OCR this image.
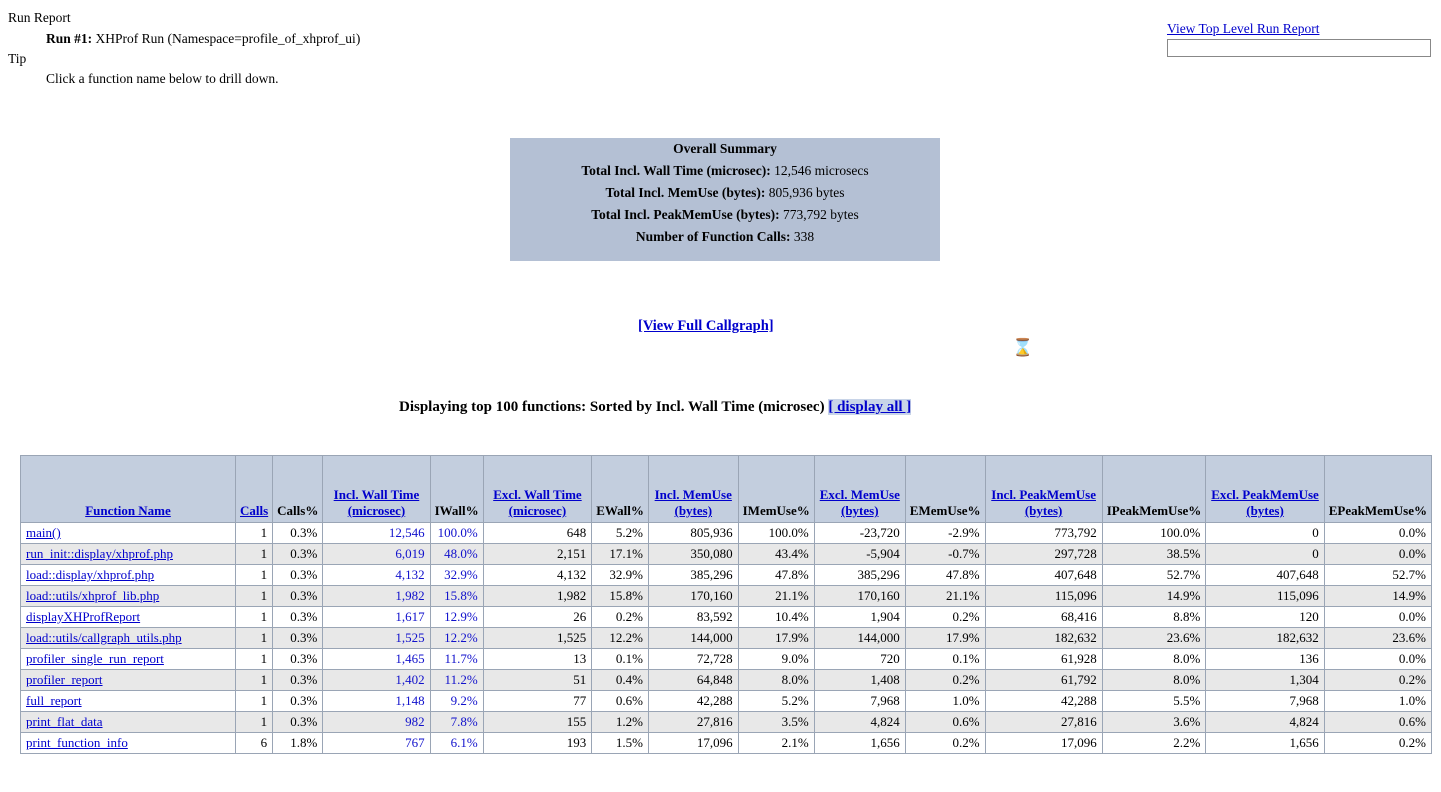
Run Report
Run #1: XHProf Run (Namespace=profile_of_xhprof_ui)
Tip
Click a function name below to drill down.
View Top Level Run Report
Overall Summary
Total Incl. Wall Time (microsec): 12,546 microsecs
Total Incl. MemUse (bytes): 805,936 bytes
Total Incl. PeakMemUse (bytes): 773,792 bytes
Number of Function Calls: 338
[View Full Callgraph]
⌛
Displaying top 100 functions: Sorted by Incl. Wall Time (microsec) [ display all ]
Function Name	Calls	Calls%	Incl. Wall Time (microsec)	IWall%	Excl. Wall Time (microsec)	EWall%	Incl. MemUse (bytes)	IMemUse%	Excl. MemUse (bytes)	EMemUse%	Incl. PeakMemUse (bytes)	IPeakMemUse%	Excl. PeakMemUse (bytes)	EPeakMemUse%
main()	1	0.3%	12,546	100.0%	648	5.2%	805,936	100.0%	-23,720	-2.9%	773,792	100.0%	0	0.0%
run_init::display/xhprof.php	1	0.3%	6,019	48.0%	2,151	17.1%	350,080	43.4%	-5,904	-0.7%	297,728	38.5%	0	0.0%
load::display/xhprof.php	1	0.3%	4,132	32.9%	4,132	32.9%	385,296	47.8%	385,296	47.8%	407,648	52.7%	407,648	52.7%
load::utils/xhprof_lib.php	1	0.3%	1,982	15.8%	1,982	15.8%	170,160	21.1%	170,160	21.1%	115,096	14.9%	115,096	14.9%
displayXHProfReport	1	0.3%	1,617	12.9%	26	0.2%	83,592	10.4%	1,904	0.2%	68,416	8.8%	120	0.0%
load::utils/callgraph_utils.php	1	0.3%	1,525	12.2%	1,525	12.2%	144,000	17.9%	144,000	17.9%	182,632	23.6%	182,632	23.6%
profiler_single_run_report	1	0.3%	1,465	11.7%	13	0.1%	72,728	9.0%	720	0.1%	61,928	8.0%	136	0.0%
profiler_report	1	0.3%	1,402	11.2%	51	0.4%	64,848	8.0%	1,408	0.2%	61,792	8.0%	1,304	0.2%
full_report	1	0.3%	1,148	9.2%	77	0.6%	42,288	5.2%	7,968	1.0%	42,288	5.5%	7,968	1.0%
print_flat_data	1	0.3%	982	7.8%	155	1.2%	27,816	3.5%	4,824	0.6%	27,816	3.6%	4,824	0.6%
print_function_info	6	1.8%	767	6.1%	193	1.5%	17,096	2.1%	1,656	0.2%	17,096	2.2%	1,656	0.2%
